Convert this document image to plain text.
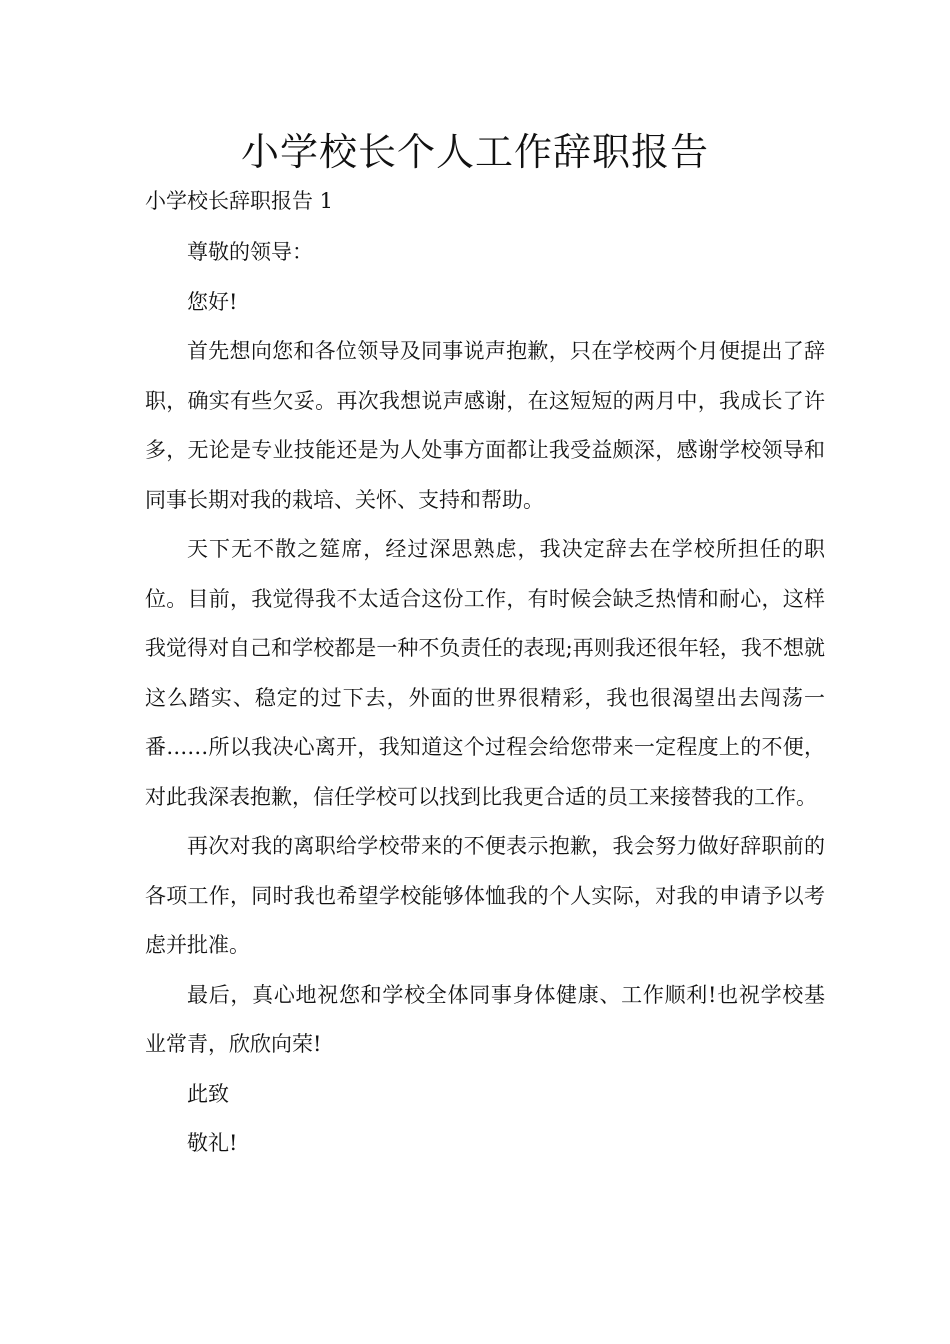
小学校长个人工作辞职报告
小学校长辞职报告 1

尊敬的领导：

您好!

首先想向您和各位领导及同事说声抱歉，只在学校两个月便提出了辞职，确实有些欠妥。再次我想说声感谢，在这短短的两月中，我成长了许多，无论是专业技能还是为人处事方面都让我受益颇深，感谢学校领导和同事长期对我的栽培、关怀、支持和帮助。

天下无不散之筵席，经过深思熟虑，我决定辞去在学校所担任的职位。目前，我觉得我不太适合这份工作，有时候会缺乏热情和耐心，这样我觉得对自己和学校都是一种不负责任的表现;再则我还很年轻，我不想就这么踏实、稳定的过下去，外面的世界很精彩，我也很渴望出去闯荡一番……所以我决心离开，我知道这个过程会给您带来一定程度上的不便，对此我深表抱歉，信任学校可以找到比我更合适的员工来接替我的工作。

再次对我的离职给学校带来的不便表示抱歉，我会努力做好辞职前的各项工作，同时我也希望学校能够体恤我的个人实际，对我的申请予以考虑并批准。

最后，真心地祝您和学校全体同事身体健康、工作顺利!也祝学校基业常青，欣欣向荣!

此致

敬礼!
